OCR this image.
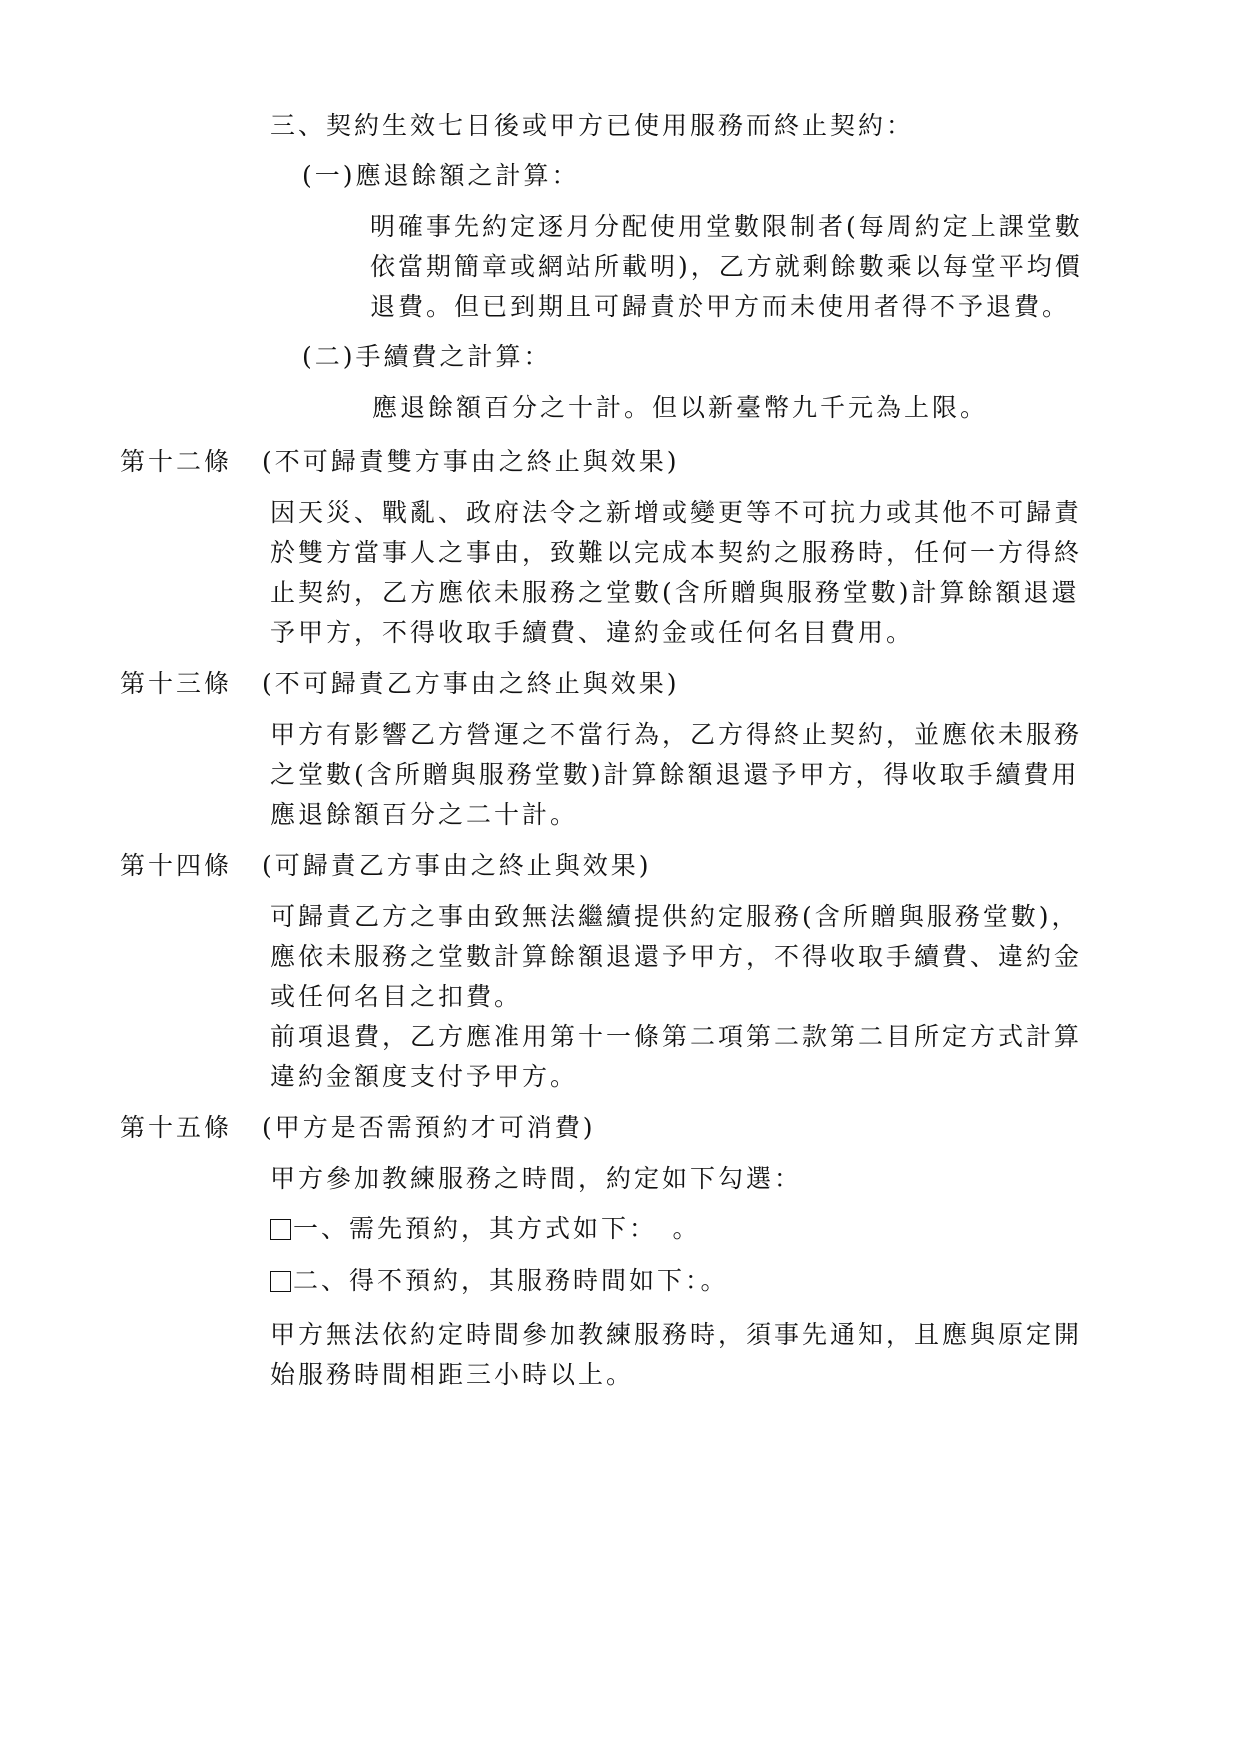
三、契約生效七日後或甲方已使用服務而終止契約：
(一)應退餘額之計算：
明確事先約定逐月分配使用堂數限制者(每周約定上課堂數
依當期簡章或網站所載明)，乙方就剩餘數乘以每堂平均價
退費。但已到期且可歸責於甲方而未使用者得不予退費。
(二)手續費之計算：
應退餘額百分之十計。但以新臺幣九千元為上限。
第十二條 (不可歸責雙方事由之終止與效果)
因天災、戰亂、政府法令之新增或變更等不可抗力或其他不可歸責
於雙方當事人之事由，致難以完成本契約之服務時，任何一方得終
止契約，乙方應依未服務之堂數(含所贈與服務堂數)計算餘額退還
予甲方，不得收取手續費、違約金或任何名目費用。
第十三條 (不可歸責乙方事由之終止與效果)
甲方有影響乙方營運之不當行為，乙方得終止契約，並應依未服務
之堂數(含所贈與服務堂數)計算餘額退還予甲方，得收取手續費用
應退餘額百分之二十計。
第十四條 (可歸責乙方事由之終止與效果)
可歸責乙方之事由致無法繼續提供約定服務(含所贈與服務堂數)，
應依未服務之堂數計算餘額退還予甲方，不得收取手續費、違約金
或任何名目之扣費。
前項退費，乙方應准用第十一條第二項第二款第二目所定方式計算
違約金額度支付予甲方。
第十五條 (甲方是否需預約才可消費)
甲方參加教練服務之時間，約定如下勾選：
一、需先預約，其方式如下：　。
二、得不預約，其服務時間如下：。
甲方無法依約定時間參加教練服務時，須事先通知，且應與原定開
始服務時間相距三小時以上。
